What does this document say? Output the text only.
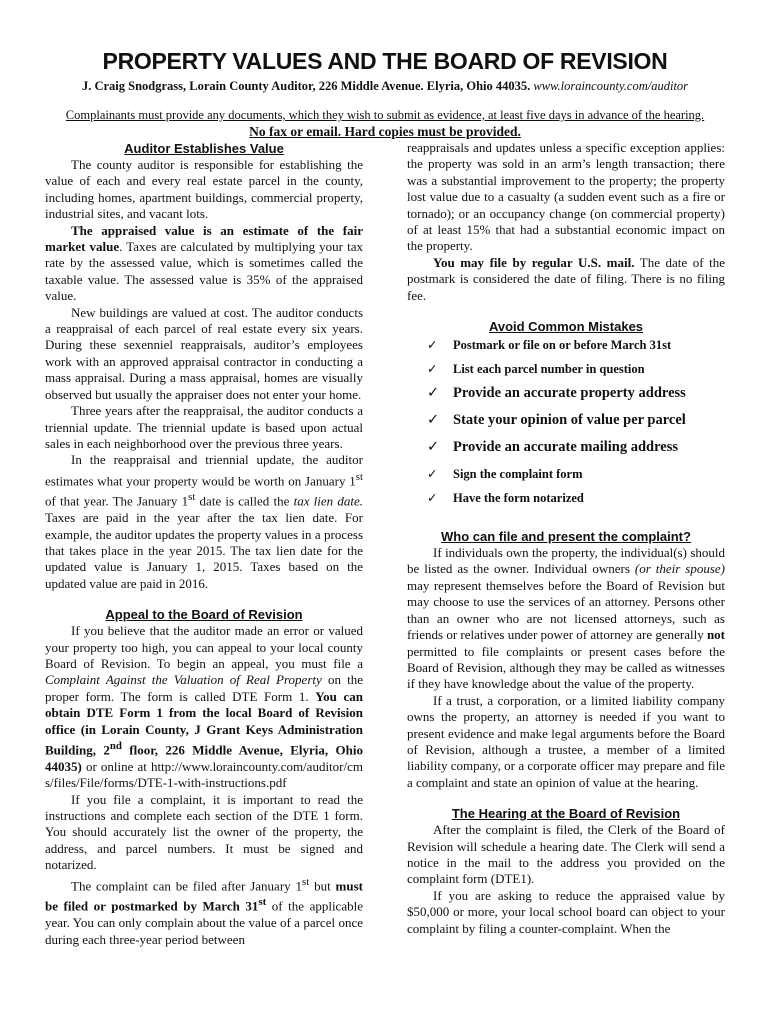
PROPERTY VALUES AND THE BOARD OF REVISION
J. Craig Snodgrass, Lorain County Auditor, 226 Middle Avenue. Elyria, Ohio 44035. www.loraincounty.com/auditor
Complainants must provide any documents, which they wish to submit as evidence, at least five days in advance of the hearing.
No fax or email. Hard copies must be provided.
Auditor Establishes Value

The county auditor is responsible for establishing the value of each and every real estate parcel in the county, including homes, apartment buildings, commercial property, industrial sites, and vacant lots.

The appraised value is an estimate of the fair market value. Taxes are calculated by multiplying your tax rate by the assessed value, which is sometimes called the taxable value. The assessed value is 35% of the appraised value.

New buildings are valued at cost. The auditor conducts a reappraisal of each parcel of real estate every six years. During these sexenniel reappraisals, auditor’s employees work with an approved appraisal contractor in conducting a mass appraisal. During a mass appraisal, homes are visually observed but usually the appraiser does not enter your home.

Three years after the reappraisal, the auditor conducts a triennial update. The triennial update is based upon actual sales in each neighborhood over the previous three years.

In the reappraisal and triennial update, the auditor estimates what your property would be worth on January 1st of that year. The January 1st date is called the tax lien date. Taxes are paid in the year after the tax lien date. For example, the auditor updates the property values in a process that takes place in the year 2015. The tax lien date for the updated value is January 1, 2015. Taxes based on the updated value are paid in 2016.

Appeal to the Board of Revision

If you believe that the auditor made an error or valued your property too high, you can appeal to your local county Board of Revision. To begin an appeal, you must file a Complaint Against the Valuation of Real Property on the proper form. The form is called DTE Form 1. You can obtain DTE Form 1 from the local Board of Revision office (in Lorain County, J Grant Keys Administration Building, 2nd floor, 226 Middle Avenue, Elyria, Ohio 44035) or online at http://www.loraincounty.com/auditor/cms/files/File/forms/DTE-1-with-instructions.pdf

If you file a complaint, it is important to read the instructions and complete each section of the DTE 1 form. You should accurately list the owner of the property, the address, and parcel numbers. It must be signed and notarized.

The complaint can be filed after January 1st but must be filed or postmarked by March 31st of the applicable year. You can only complain about the value of a parcel once during each three-year period between

reappraisals and updates unless a specific exception applies: the property was sold in an arm’s length transaction; there was a substantial improvement to the property; the property lost value due to a casualty (a sudden event such as a fire or tornado); or an occupancy change (on commercial property) of at least 15% that had a substantial economic impact on the property.

You may file by regular U.S. mail. The date of the postmark is considered the date of filing. There is no filing fee.

Avoid Common Mistakes
✓ Postmark or file on or before March 31st
✓ List each parcel number in question
✓ Provide an accurate property address
✓ State your opinion of value per parcel
✓ Provide an accurate mailing address
✓ Sign the complaint form
✓ Have the form notarized
Who can file and present the complaint?

If individuals own the property, the individual(s) should be listed as the owner. Individual owners (or their spouse) may represent themselves before the Board of Revision but may choose to use the services of an attorney. Persons other than an owner who are not licensed attorneys, such as friends or relatives under power of attorney are generally not permitted to file complaints or present cases before the Board of Revision, although they may be called as witnesses if they have knowledge about the value of the property.

If a trust, a corporation, or a limited liability company owns the property, an attorney is needed if you want to present evidence and make legal arguments before the Board of Revision, although a trustee, a member of a limited liability company, or a corporate officer may prepare and file a complaint and state an opinion of value at the hearing.

The Hearing at the Board of Revision

After the complaint is filed, the Clerk of the Board of Revision will schedule a hearing date. The Clerk will send a notice in the mail to the address you provided on the complaint form (DTE1).

If you are asking to reduce the appraised value by $50,000 or more, your local school board can object to your complaint by filing a counter-complaint. When the
